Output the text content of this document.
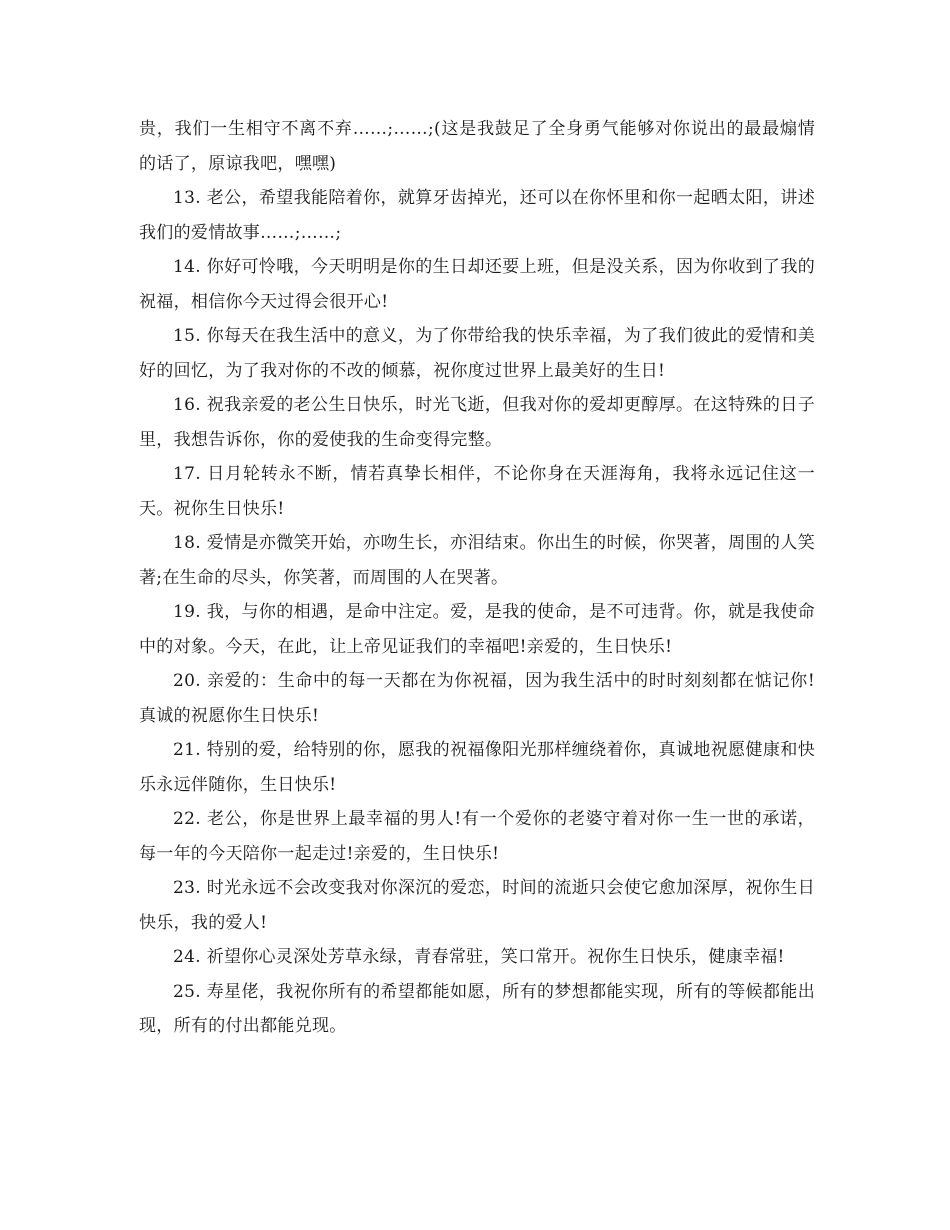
贵，我们一生相守不离不弃……;……;(这是我鼓足了全身勇气能够对你说出的最最煽情的话了，原谅我吧，嘿嘿)

13. 老公，希望我能陪着你，就算牙齿掉光，还可以在你怀里和你一起晒太阳，讲述我们的爱情故事……;……;

14. 你好可怜哦，今天明明是你的生日却还要上班，但是没关系，因为你收到了我的祝福，相信你今天过得会很开心!

15. 你每天在我生活中的意义，为了你带给我的快乐幸福，为了我们彼此的爱情和美好的回忆，为了我对你的不改的倾慕，祝你度过世界上最美好的生日!

16. 祝我亲爱的老公生日快乐，时光飞逝，但我对你的爱却更醇厚。在这特殊的日子里，我想告诉你，你的爱使我的生命变得完整。

17. 日月轮转永不断，情若真挚长相伴，不论你身在天涯海角，我将永远记住这一天。祝你生日快乐!

18. 爱情是亦微笑开始，亦吻生长，亦泪结束。你出生的时候，你哭著，周围的人笑著;在生命的尽头，你笑著，而周围的人在哭著。

19. 我，与你的相遇，是命中注定。爱，是我的使命，是不可违背。你，就是我使命中的对象。今天，在此，让上帝见证我们的幸福吧!亲爱的，生日快乐!

20. 亲爱的：生命中的每一天都在为你祝福，因为我生活中的时时刻刻都在惦记你!真诚的祝愿你生日快乐!

21. 特别的爱，给特别的你，愿我的祝福像阳光那样缠绕着你，真诚地祝愿健康和快乐永远伴随你，生日快乐!

22. 老公，你是世界上最幸福的男人!有一个爱你的老婆守着对你一生一世的承诺，每一年的今天陪你一起走过!亲爱的，生日快乐!

23. 时光永远不会改变我对你深沉的爱恋，时间的流逝只会使它愈加深厚，祝你生日快乐，我的爱人!

24. 祈望你心灵深处芳草永绿，青春常驻，笑口常开。祝你生日快乐，健康幸福!

25. 寿星佬，我祝你所有的希望都能如愿，所有的梦想都能实现，所有的等候都能出现，所有的付出都能兑现。
